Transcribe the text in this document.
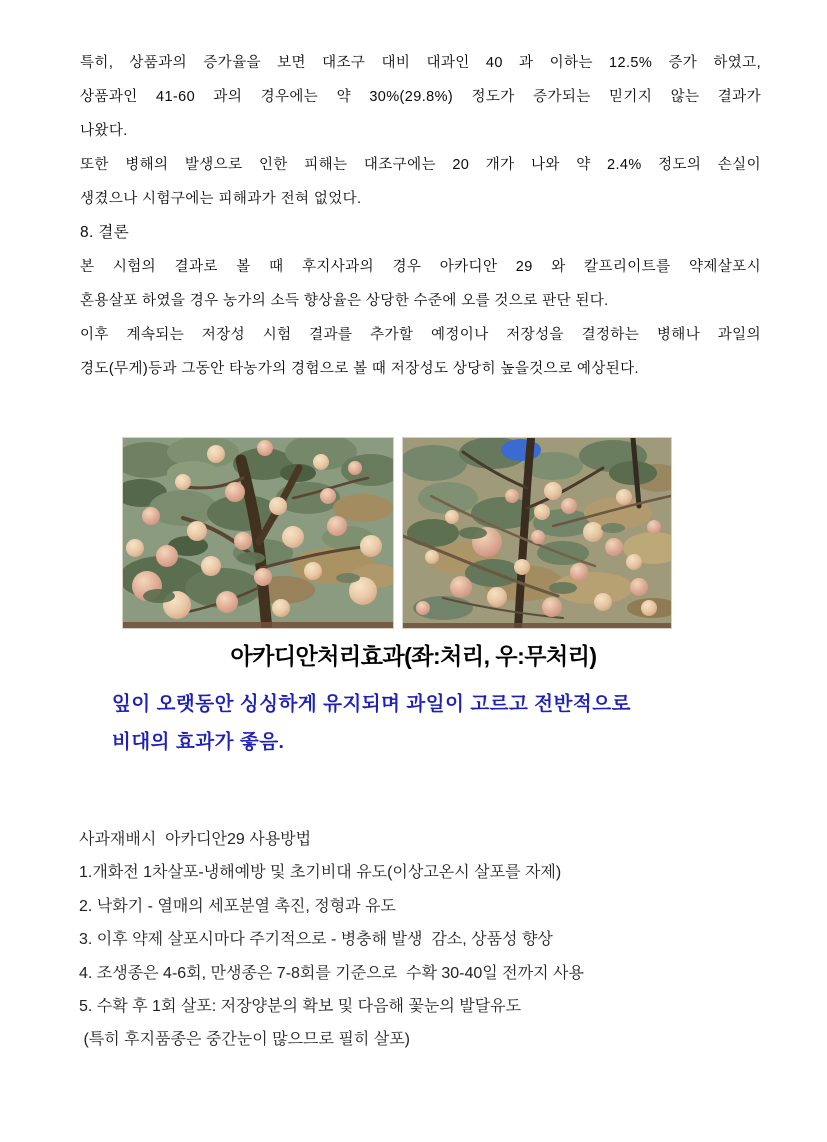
특히, 상품과의 증가율을 보면 대조구 대비 대과인 40 과 이하는 12.5% 증가 하였고,
상품과인 41-60 과의 경우에는 약 30%(29.8%) 정도가 증가되는 믿기지 않는 결과가
나왔다.
또한 병해의 발생으로 인한 피해는 대조구에는 20 개가 나와 약 2.4% 정도의 손실이
생겼으나 시험구에는 피해과가 전혀 없었다.
8. 결론
본 시험의 결과로 볼 때 후지사과의 경우 아카디안 29 와 칼프리이트를 약제살포시
혼용살포 하였을 경우 농가의 소득 향상율은 상당한 수준에 오를 것으로 판단 된다.
이후 계속되는 저장성 시험 결과를 추가할 예정이나 저장성을 결정하는 병해나 과일의
경도(무게)등과 그동안 타농가의 경험으로 볼 때 저장성도 상당히 높을것으로 예상된다.
아카디안처리효과(좌:처리, 우:무처리)
잎이 오랫동안 싱싱하게 유지되며 과일이 고르고 전반적으로
비대의 효과가 좋음.
사과재배시  아카디안29 사용방법
1.개화전 1차살포-냉해예방 및 초기비대 유도(이상고온시 살포를 자제)
2. 낙화기 - 열매의 세포분열 촉진, 정형과 유도
3. 이후 약제 살포시마다 주기적으로 - 병충해 발생  감소, 상품성 향상
4. 조생종은 4-6회, 만생종은 7-8회를 기준으로  수확 30-40일 전까지 사용
5. 수확 후 1회 살포: 저장양분의 확보 및 다음해 꽃눈의 발달유도
(특히 후지품종은 중간눈이 많으므로 필히 살포)
